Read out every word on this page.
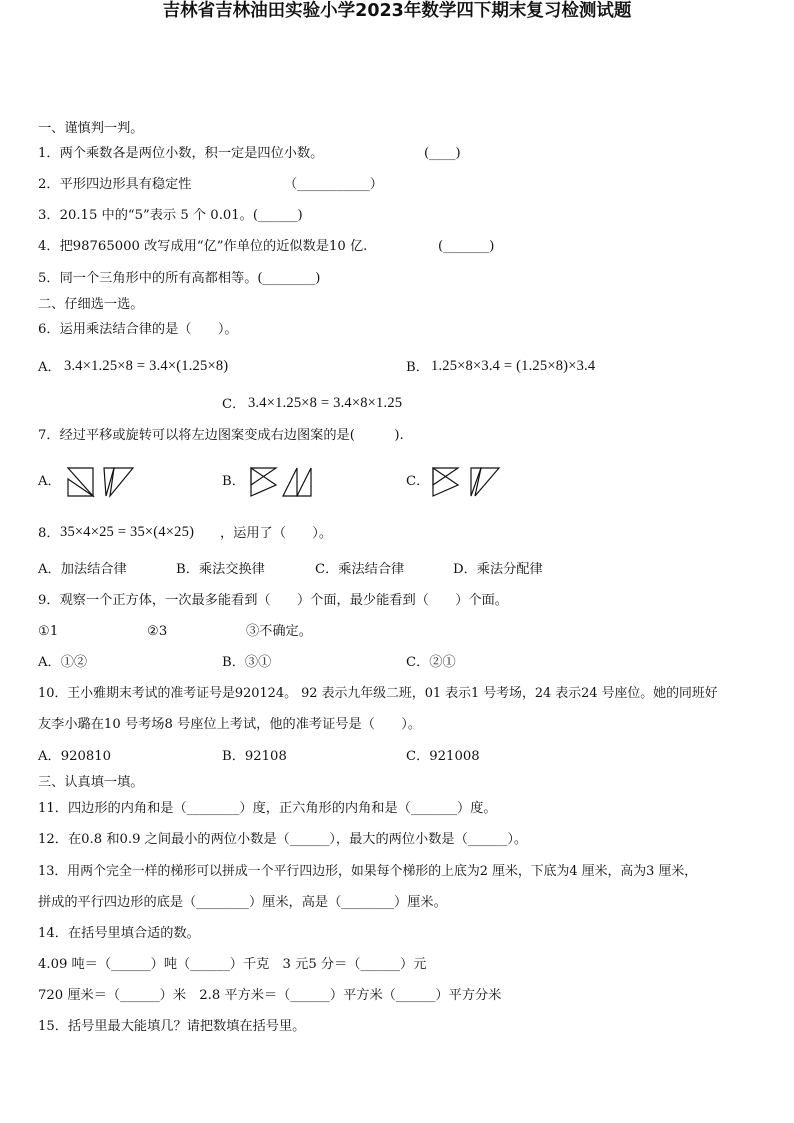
吉林省吉林油田实验小学2023年数学四下期末复习检测试题
一、谨慎判一判。
1．两个乘数各是两位小数，积一定是四位小数。	(____)
2．平形四边形具有稳定性	（___________）
3．20.15 中的“5”表示 5 个 0.01。(______)
4．把98765000 改写成用“亿”作单位的近似数是10 亿.	(_______)
5．同一个三角形中的所有高都相等。(________)
二、仔细选一选。
6．运用乘法结合律的是（　　）。
A． 3.4×1.25×8 = 3.4×(1.25×8)	B． 1.25×8×3.4 = (1.25×8)×3.4
C． 3.4×1.25×8 = 3.4×8×1.25
7．经过平移或旋转可以将左边图案变成右边图案的是(　　　).
A．	B．	C．
8． 35×4×25 = 35×(4×25) ，运用了（　　）。
A．加法结合律	B．乘法交换律	C．乘法结合律	D．乘法分配律
9．观察一个正方体，一次最多能看到（　　）个面，最少能看到（　　）个面。
①1	②3	③不确定。
A．①②	B．③①	C．②①
10．王小雅期末考试的准考证号是920124。 92 表示九年级二班，01 表示1 号考场，24 表示24 号座位。她的同班好
友李小璐在10 号考场8 号座位上考试，他的准考证号是（　　）。
A．920810	B．92108	C．921008
三、认真填一填。
11．四边形的内角和是（________）度，正六角形的内角和是（_______）度。
12．在0.8 和0.9 之间最小的两位小数是（______），最大的两位小数是（______）。
13．用两个完全一样的梯形可以拼成一个平行四边形，如果每个梯形的上底为2 厘米，下底为4 厘米，高为3 厘米，
拼成的平行四边形的底是（________）厘米，高是（________）厘米。
14．在括号里填合适的数。
4.09 吨＝（______）吨（______）千克　3 元5 分＝（______）元
720 厘米＝（______）米　2.8 平方米＝（______）平方米（______）平方分米
15．括号里最大能填几？请把数填在括号里。
